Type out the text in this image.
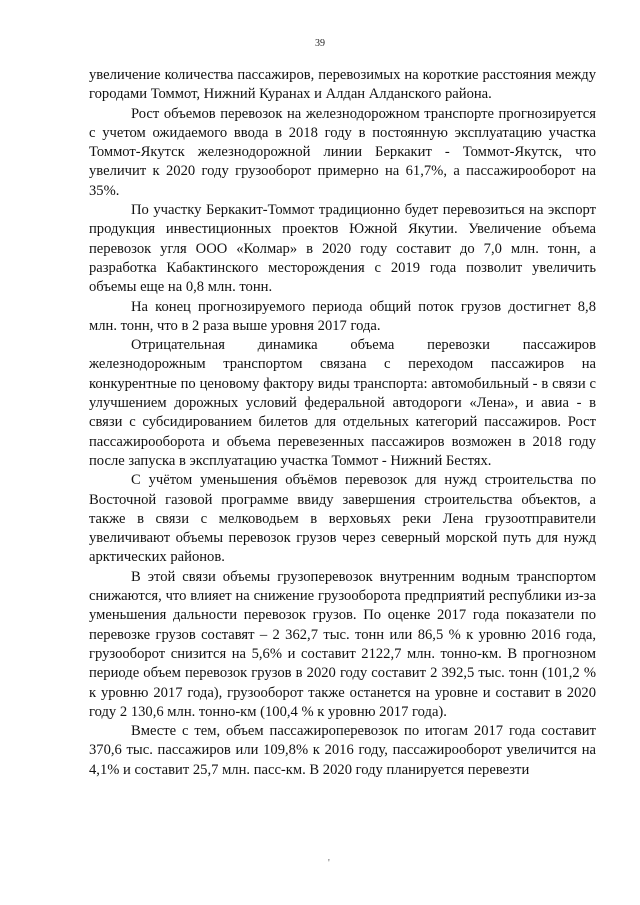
39

увеличение количества пассажиров, перевозимых на короткие расстояния между городами Томмот, Нижний Куранах и Алдан Алданского района.

Рост объемов перевозок на железнодорожном транспорте прогнозируется с учетом ожидаемого ввода в 2018 году в постоянную эксплуатацию участка Томмот-Якутск железнодорожной линии Беркакит - Томмот-Якутск, что увеличит к 2020 году грузооборот примерно на 61,7%, а пассажирооборот на 35%.

По участку Беркакит-Томмот традиционно будет перевозиться на экспорт продукция инвестиционных проектов Южной Якутии. Увеличение объема перевозок угля ООО «Колмар» в 2020 году составит до 7,0 млн. тонн, а разработка Кабактинского месторождения с 2019 года позволит увеличить объемы еще на 0,8 млн. тонн.

На конец прогнозируемого периода общий поток грузов достигнет 8,8 млн. тонн, что в 2 раза выше уровня 2017 года.

Отрицательная динамика объема перевозки пассажиров железнодорожным транспортом связана с переходом пассажиров на конкурентные по ценовому фактору виды транспорта: автомобильный - в связи с улучшением дорожных условий федеральной автодороги «Лена», и авиа - в связи с субсидированием билетов для отдельных категорий пассажиров. Рост пассажирооборота и объема перевезенных пассажиров возможен в 2018 году после запуска в эксплуатацию участка Томмот - Нижний Бестях.

С учётом уменьшения объёмов перевозок для нужд строительства по Восточной газовой программе ввиду завершения строительства объектов, а также в связи с мелководьем в верховьях реки Лена грузоотправители увеличивают объемы перевозок грузов через северный морской путь для нужд арктических районов.

В этой связи объемы грузоперевозок внутренним водным транспортом снижаются, что влияет на снижение грузооборота предприятий республики из-за уменьшения дальности перевозок грузов. По оценке 2017 года показатели по перевозке грузов составят – 2 362,7 тыс. тонн или 86,5 % к уровню 2016 года, грузооборот снизится на 5,6% и составит 2122,7 млн. тонно-км. В прогнозном периоде объем перевозок грузов в 2020 году составит 2 392,5 тыс. тонн (101,2 % к уровню 2017 года), грузооборот также останется на уровне и составит в 2020 году 2 130,6 млн. тонно-км (100,4 % к уровню 2017 года).

Вместе с тем, объем пассажироперевозок по итогам 2017 года составит 370,6 тыс. пассажиров или 109,8% к 2016 году, пассажирооборот увеличится на 4,1% и составит 25,7 млн. пасс-км. В 2020 году планируется перевезти

'
